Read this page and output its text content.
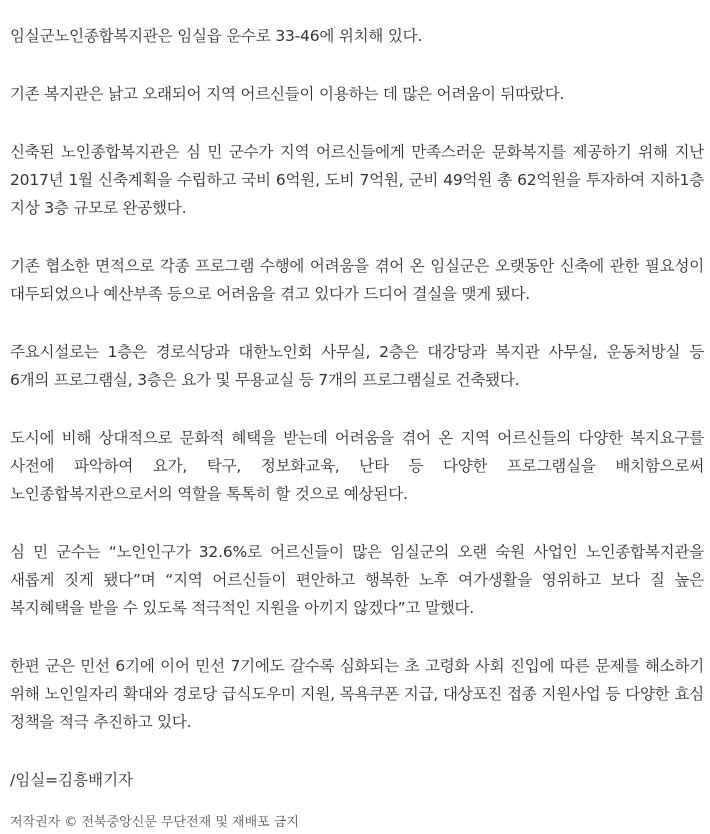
임실군노인종합복지관은 임실읍 운수로 33-46에 위치해 있다.

기존 복지관은 낡고 오래되어 지역 어르신들이 이용하는 데 많은 어려움이 뒤따랐다.

신축된 노인종합복지관은 심 민 군수가 지역 어르신들에게 만족스러운 문화복지를 제공하기 위해 지난 2017년 1월 신축계획을 수립하고 국비 6억원, 도비 7억원, 군비 49억원 총 62억원을 투자하여 지하1층 지상 3층 규모로 완공했다.

기존 협소한 면적으로 각종 프로그램 수행에 어려움을 겪어 온 임실군은 오랫동안 신축에 관한 필요성이 대두되었으나 예산부족 등으로 어려움을 겪고 있다가 드디어 결실을 맺게 됐다.

주요시설로는 1층은 경로식당과 대한노인회 사무실, 2층은 대강당과 복지관 사무실, 운동처방실 등 6개의 프로그램실, 3층은 요가 및 무용교실 등 7개의 프로그램실로 건축됐다.

도시에 비해 상대적으로 문화적 혜택을 받는데 어려움을 겪어 온 지역 어르신들의 다양한 복지요구를 사전에 파악하여 요가, 탁구, 정보화교육, 난타 등 다양한 프로그램실을 배치함으로써 노인종합복지관으로서의 역할을 톡톡히 할 것으로 예상된다.

심 민 군수는 “노인인구가 32.6%로 어르신들이 많은 임실군의 오랜 숙원 사업인 노인종합복지관을 새롭게 짓게 됐다”며 “지역 어르신들이 편안하고 행복한 노후 여가생활을 영위하고 보다 질 높은 복지혜택을 받을 수 있도록 적극적인 지원을 아끼지 않겠다”고 말했다.

한편 군은 민선 6기에 이어 민선 7기에도 갈수록 심화되는 초 고령화 사회 진입에 따른 문제를 해소하기 위해 노인일자리 확대와 경로당 급식도우미 지원, 목욕쿠폰 지급, 대상포진 접종 지원사업 등 다양한 효심 정책을 적극 추진하고 있다.

/임실=김흥배기자

저작권자 © 전북중앙신문 무단전재 및 재배포 금지
